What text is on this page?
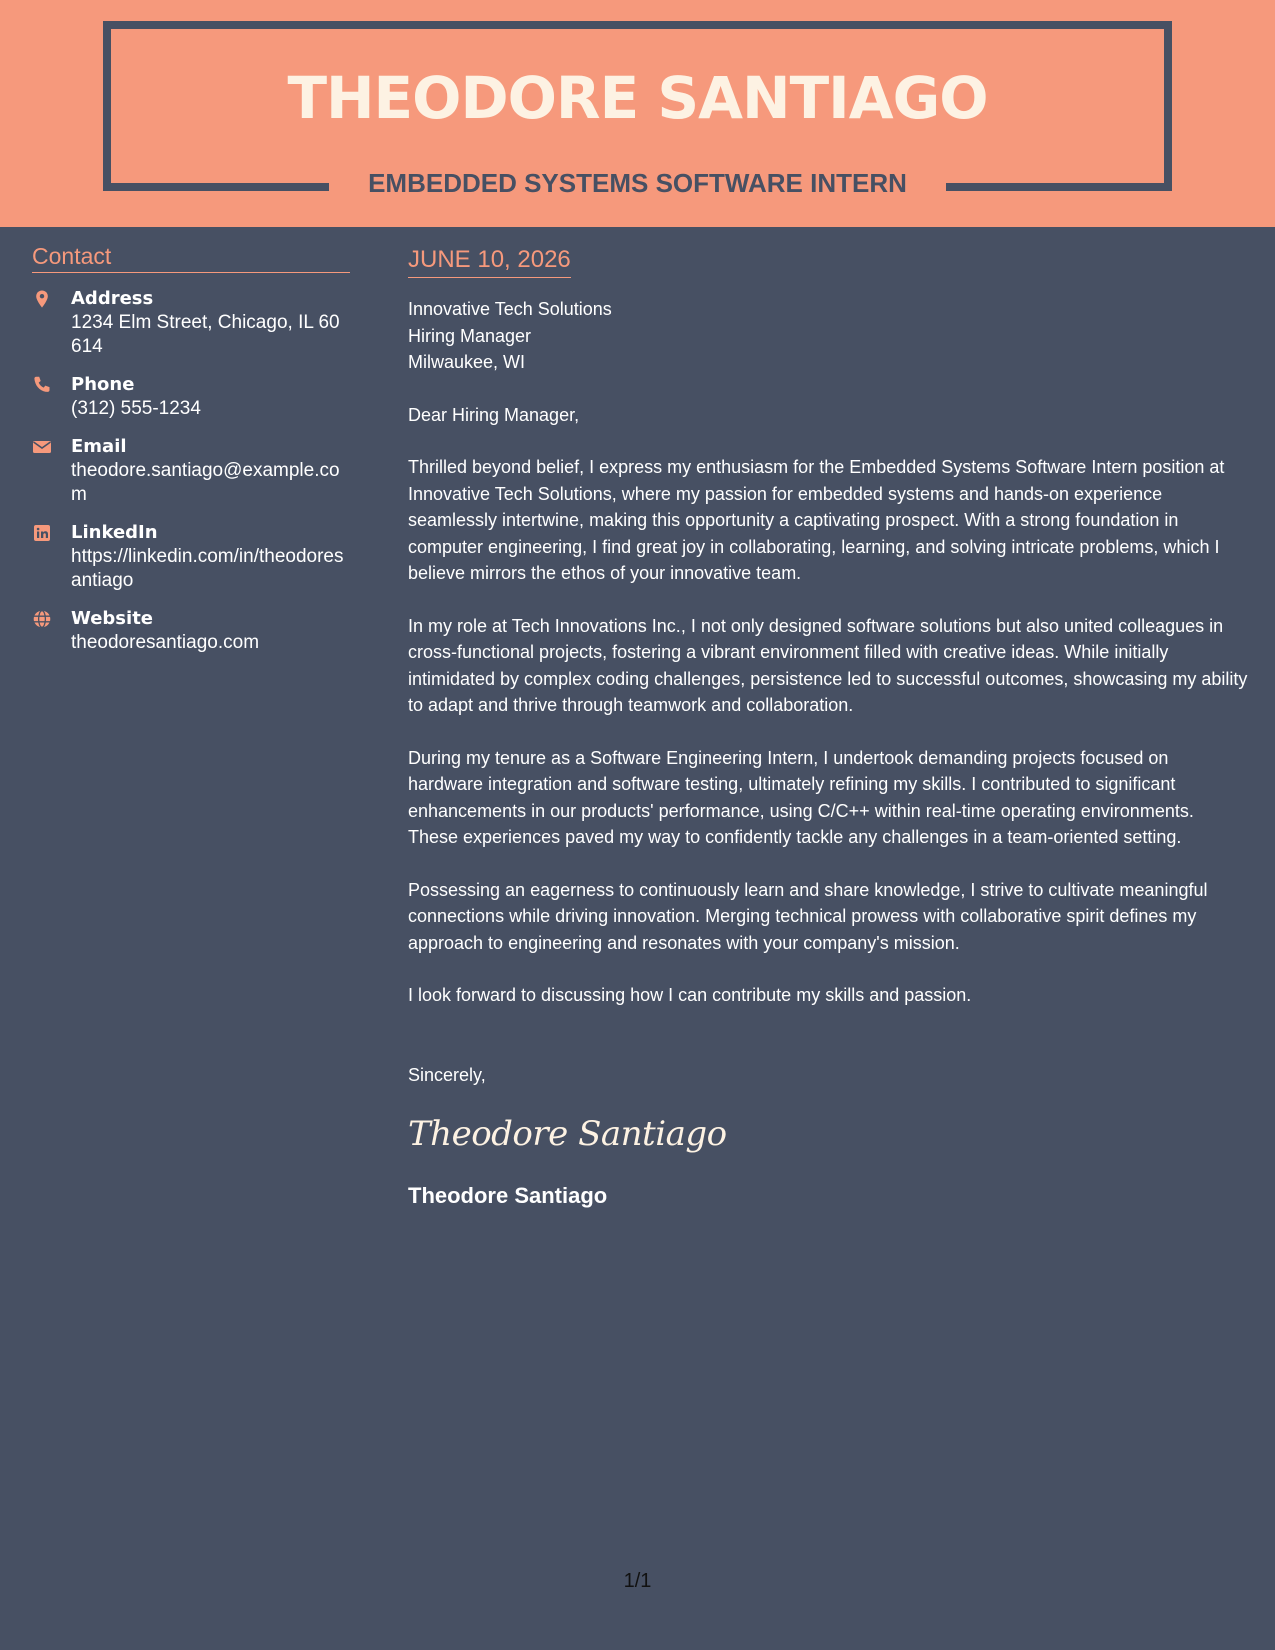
THEODORE SANTIAGO
EMBEDDED SYSTEMS SOFTWARE INTERN
Contact
Address
1234 Elm Street, Chicago, IL 60614
Phone
(312) 555-1234
Email
theodore.santiago@example.com
LinkedIn
https://linkedin.com/in/theodoresantiago
Website
theodoresantiago.com
JUNE 10, 2026
Innovative Tech Solutions
Hiring Manager
Milwaukee, WI
Dear Hiring Manager,
Thrilled beyond belief, I express my enthusiasm for the Embedded Systems Software Intern position at Innovative Tech Solutions, where my passion for embedded systems and hands-on experience seamlessly intertwine, making this opportunity a captivating prospect. With a strong foundation in computer engineering, I find great joy in collaborating, learning, and solving intricate problems, which I believe mirrors the ethos of your innovative team.
In my role at Tech Innovations Inc., I not only designed software solutions but also united colleagues in cross-functional projects, fostering a vibrant environment filled with creative ideas. While initially intimidated by complex coding challenges, persistence led to successful outcomes, showcasing my ability to adapt and thrive through teamwork and collaboration.
During my tenure as a Software Engineering Intern, I undertook demanding projects focused on hardware integration and software testing, ultimately refining my skills. I contributed to significant enhancements in our products' performance, using C/C++ within real-time operating environments. These experiences paved my way to confidently tackle any challenges in a team-oriented setting.
Possessing an eagerness to continuously learn and share knowledge, I strive to cultivate meaningful connections while driving innovation. Merging technical prowess with collaborative spirit defines my approach to engineering and resonates with your company's mission.
I look forward to discussing how I can contribute my skills and passion.
Sincerely,
Theodore Santiago
Theodore Santiago
1/1
